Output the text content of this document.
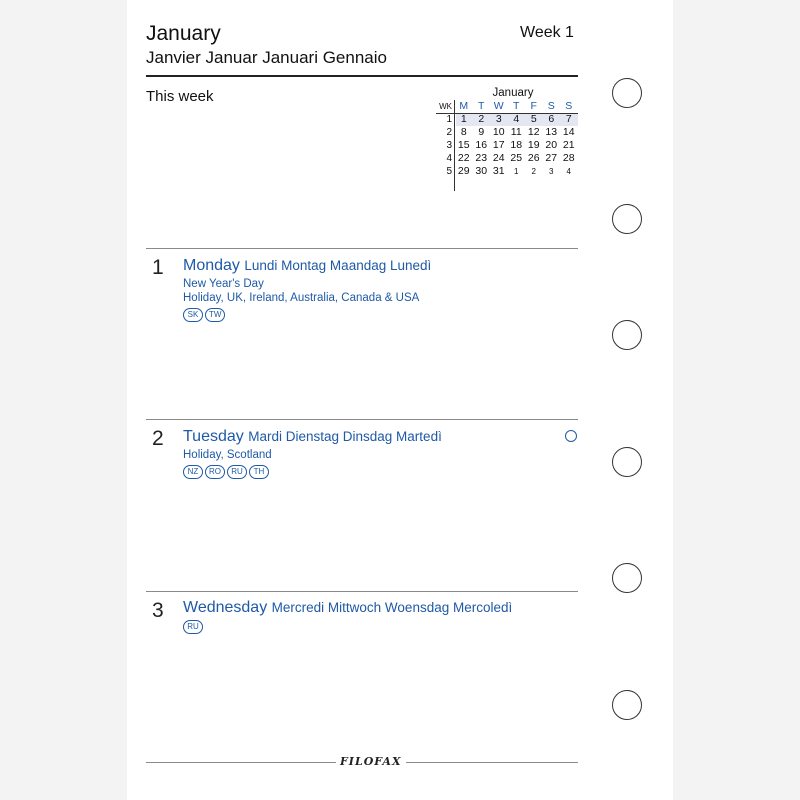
January
Janvier Januar Januari Gennaio
Week 1
This week	January
WK M T W T	F	S S
1 1	2	3	4	5	6	7
2 8	9 10 11 12 13 14
3 15 16 17 18 19 20 21
4 22 23 24 25 26 27 28
5 29 30 31	1	2	3	4
1 Monday Lundi Montag Maandag Lunedì
New Year's Day
Holiday, UK, Ireland, Australia, Canada & USA
SK	TW
2 Tuesday Mardi Dienstag Dinsdag Martedì
Holiday, Scotland
NZ	RO	RU	TH
3 Wednesday Mercredi Mittwoch Woensdag Mercoledì
RU
FILOFAX
